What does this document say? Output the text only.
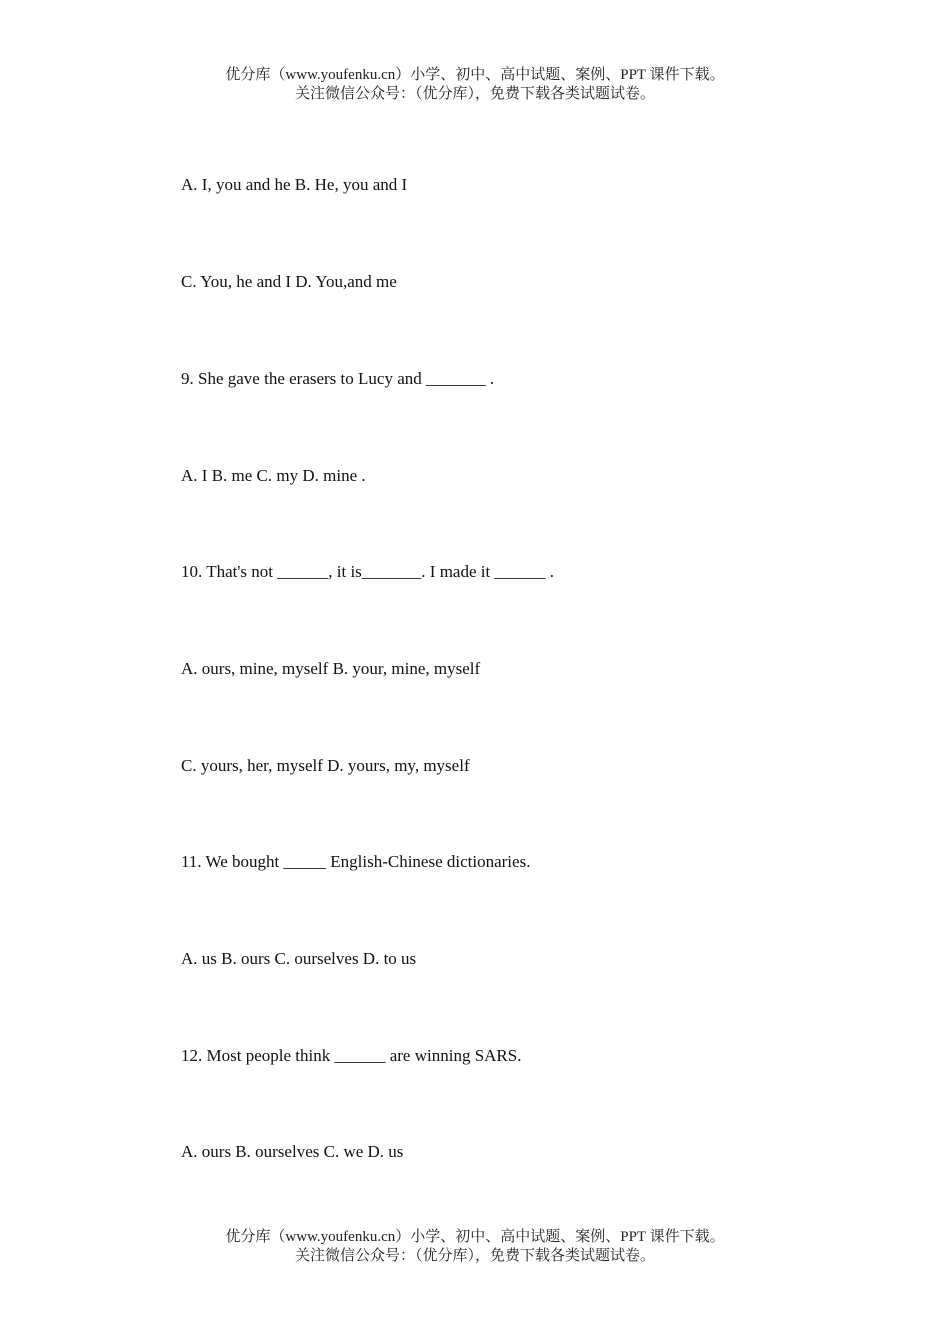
优分库（www.youfenku.cn）小学、初中、高中试题、案例、PPT 课件下载。
关注微信公众号：（优分库），免费下载各类试题试卷。
A. I, you and he B. He, you and I
C. You, he and I D. You,and me
9. She gave the erasers to Lucy and _______ .
A. I B. me C. my D. mine .
10. That's not ______, it is_______. I made it ______ .
A. ours, mine, myself B. your, mine, myself
C. yours, her, myself D. yours, my, myself
11. We bought _____ English-Chinese dictionaries.
A. us B. ours C. ourselves D. to us
12. Most people think ______ are winning SARS.
A. ours B. ourselves C. we D. us
优分库（www.youfenku.cn）小学、初中、高中试题、案例、PPT 课件下载。
关注微信公众号：（优分库），免费下载各类试题试卷。
